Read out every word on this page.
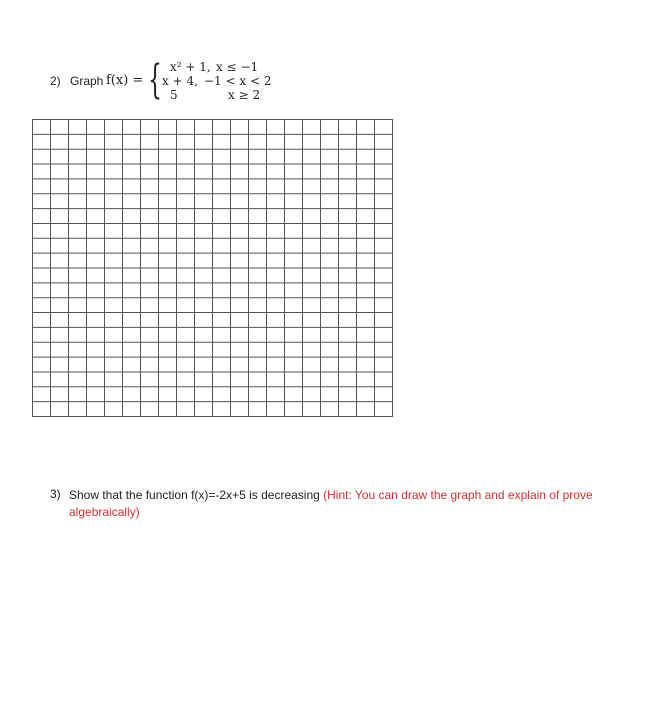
2) Graph f(x) = { x² + 1, x ≤ −1
x + 4, −1 < x < 2
5	x ≥ 2
3) Show that the function f(x)=-2x+5 is decreasing (Hint: You can draw the graph and explain of prove algebraically)
